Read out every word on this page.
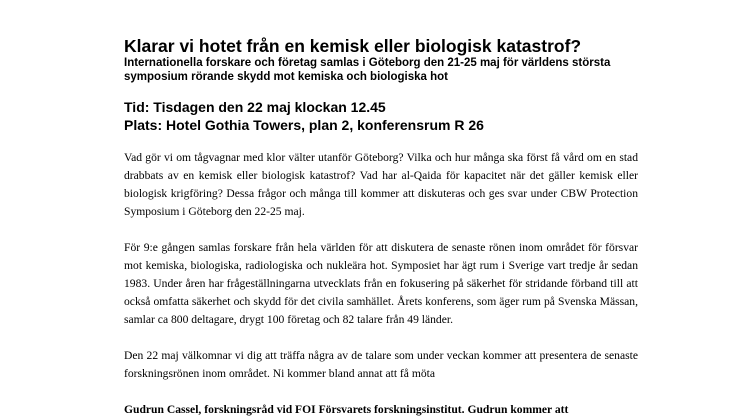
Klarar vi hotet från en kemisk eller biologisk katastrof?

Internationella forskare och företag samlas i Göteborg den 21-25 maj för världens största symposium rörande skydd mot kemiska och biologiska hot

Tid: Tisdagen den 22 maj klockan 12.45

Plats: Hotel Gothia Towers, plan 2, konferensrum R 26

Vad gör vi om tågvagnar med klor välter utanför Göteborg? Vilka och hur många ska först få vård om en stad drabbats av en kemisk eller biologisk katastrof? Vad har al-Qaida för kapacitet när det gäller kemisk eller biologisk krigföring? Dessa frågor och många till kommer att diskuteras och ges svar under CBW Protection Symposium i Göteborg den 22-25 maj.

För 9:e gången samlas forskare från hela världen för att diskutera de senaste rönen inom området för försvar mot kemiska, biologiska, radiologiska och nukleära hot. Symposiet har ägt rum i Sverige vart tredje år sedan 1983. Under åren har frågeställningarna utvecklats från en fokusering på säkerhet för stridande förband till att också omfatta säkerhet och skydd för det civila samhället. Årets konferens, som äger rum på Svenska Mässan, samlar ca 800 deltagare, drygt 100 företag och 82 talare från 49 länder.

Den 22 maj välkomnar vi dig att träffa några av de talare som under veckan kommer att presentera de senaste forskningsrönen inom området. Ni kommer bland annat att få möta

Gudrun Cassel, forskningsråd vid FOI Försvarets forskningsinstitut. Gudrun kommer att
